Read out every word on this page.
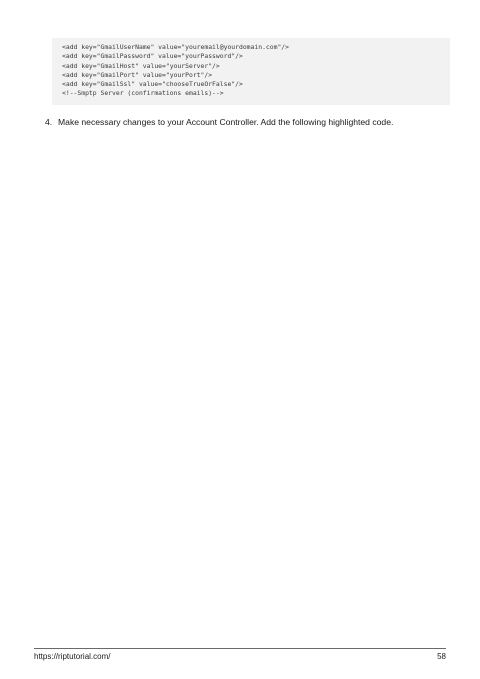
<add key="GmailUserName" value="youremail@yourdomain.com"/>
<add key="GmailPassword" value="yourPassword"/>
<add key="GmailHost" value="yourServer"/>
<add key="GmailPort" value="yourPort"/>
<add key="GmailSsl" value="chooseTrueOrFalse"/>
<!--Smptp Server (confirmations emails)-->
4. Make necessary changes to your Account Controller. Add the following highlighted code.
https://riptutorial.com/	58
